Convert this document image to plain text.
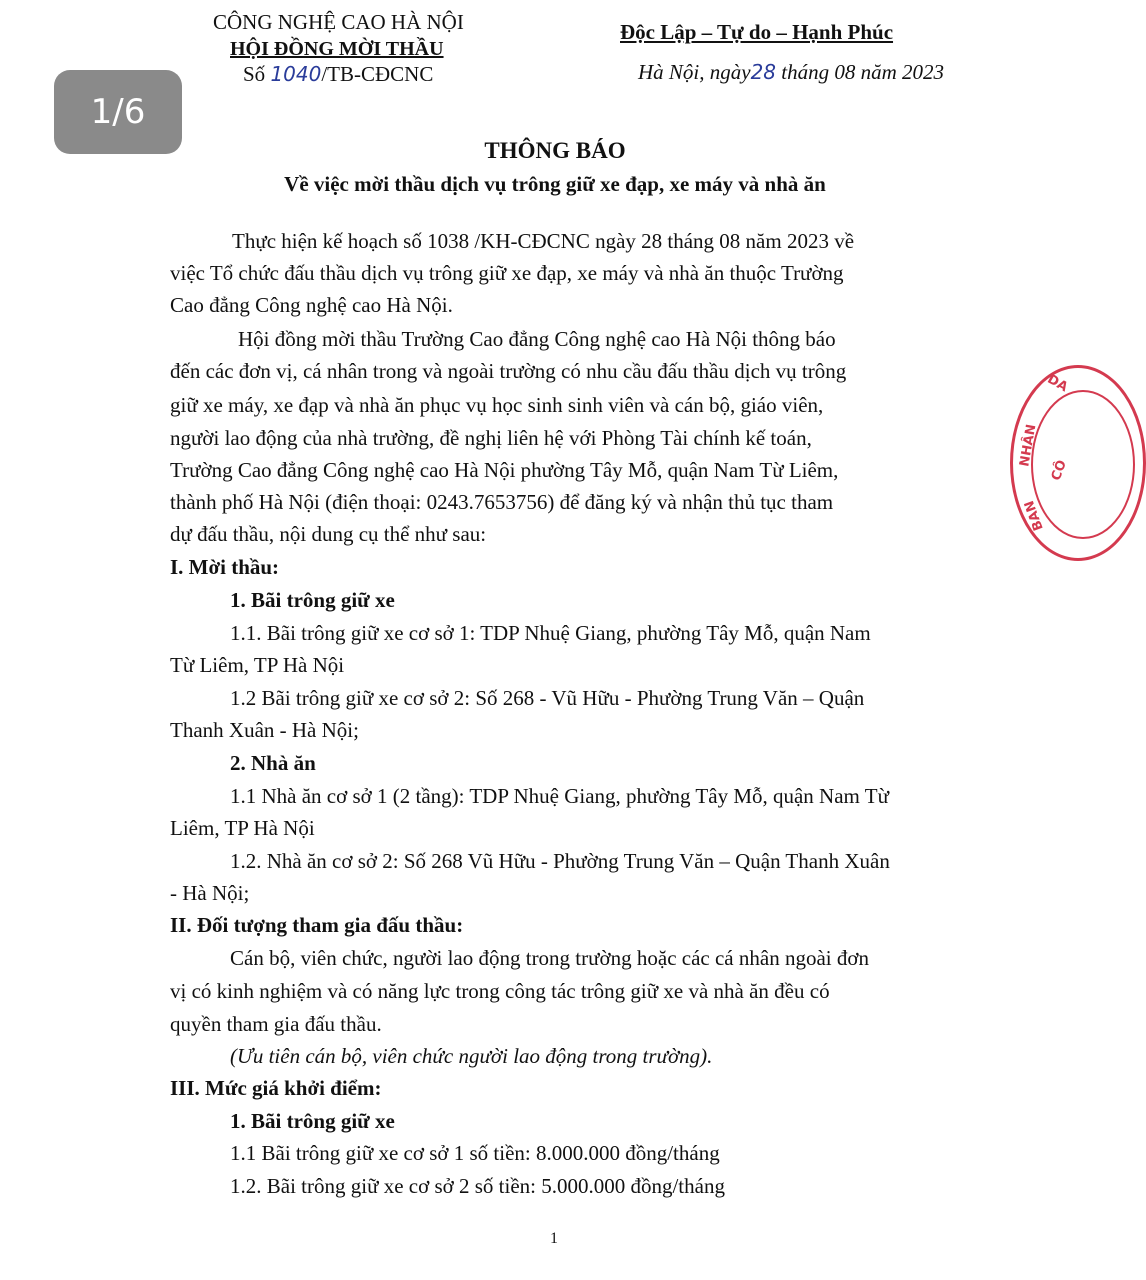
1/6
CÔNG NGHỆ CAO HÀ NỘI
HỘI ĐỒNG MỜI THẦU
Số 1040/TB-CĐCNC
Độc Lập – Tự do – Hạnh Phúc
Hà Nội, ngày28 tháng 08 năm 2023
THÔNG BÁO
Về việc mời thầu dịch vụ trông giữ xe đạp, xe máy và nhà ăn
Thực hiện kế hoạch số 1038 /KH-CĐCNC ngày 28 tháng 08 năm 2023 về
việc Tổ chức đấu thầu dịch vụ trông giữ xe đạp, xe máy và nhà ăn thuộc Trường
Cao đẳng Công nghệ cao Hà Nội.
Hội đồng mời thầu Trường Cao đẳng Công nghệ cao Hà Nội thông báo
đến các đơn vị, cá nhân trong và ngoài trường có nhu cầu đấu thầu dịch vụ trông
giữ xe máy, xe đạp và nhà ăn phục vụ học sinh sinh viên và cán bộ, giáo viên,
người lao động của nhà trường, đề nghị liên hệ với Phòng Tài chính kế toán,
Trường Cao đẳng Công nghệ cao Hà Nội phường Tây Mỗ, quận Nam Từ Liêm,
thành phố Hà Nội (điện thoại: 0243.7653756) để đăng ký và nhận thủ tục tham
dự đấu thầu, nội dung cụ thể như sau:
I. Mời thầu:
1. Bãi trông giữ xe
1.1. Bãi trông giữ xe cơ sở 1: TDP Nhuệ Giang, phường Tây Mỗ, quận Nam
Từ Liêm, TP Hà Nội
1.2 Bãi trông giữ xe cơ sở 2: Số 268 - Vũ Hữu - Phường Trung Văn – Quận
Thanh Xuân - Hà Nội;
2. Nhà ăn
1.1 Nhà ăn cơ sở 1 (2 tầng): TDP Nhuệ Giang, phường Tây Mỗ, quận Nam Từ
Liêm, TP Hà Nội
1.2. Nhà ăn cơ sở 2: Số 268 Vũ Hữu - Phường Trung Văn – Quận Thanh Xuân
- Hà Nội;
II. Đối tượng tham gia đấu thầu:
Cán bộ, viên chức, người lao động trong trường hoặc các cá nhân ngoài đơn
vị có kinh nghiệm và có năng lực trong công tác trông giữ xe và nhà ăn đều có
quyền tham gia đấu thầu.
(Ưu tiên cán bộ, viên chức người lao động trong trường).
III. Mức giá khởi điểm:
1. Bãi trông giữ xe
1.1 Bãi trông giữ xe cơ sở 1 số tiền: 8.000.000 đồng/tháng
1.2. Bãi trông giữ xe cơ sở 2 số tiền: 5.000.000 đồng/tháng
1
DA
NHÂN
CÔ
BAN
